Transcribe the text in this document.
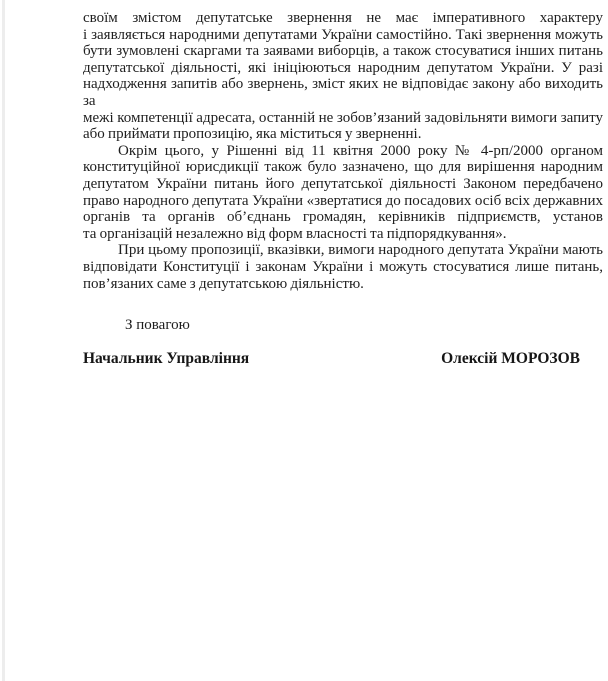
своїм змістом депутатське звернення не має імперативного характеру
і заявляється народними депутатами України самостійно. Такі звернення можуть
бути зумовлені скаргами та заявами виборців, а також стосуватися інших питань
депутатської діяльності, які ініціюються народним депутатом України. У разі
надходження запитів або звернень, зміст яких не відповідає закону або виходить за
межі компетенції адресата, останній не зобов’язаний задовільняти вимоги запиту
або приймати пропозицію, яка міститься у зверненні.
Окрім цього, у Рішенні від 11 квітня 2000 року № 4-рп/2000 органом
конституційної юрисдикції також було зазначено, що для вирішення народним
депутатом України питань його депутатської діяльності Законом передбачено
право народного депутата України «звертатися до посадових осіб всіх державних
органів та органів об’єднань громадян, керівників підприємств, установ
та організацій незалежно від форм власності та підпорядкування».
При цьому пропозиції, вказівки, вимоги народного депутата України мають
відповідати Конституції і законам України і можуть стосуватися лише питань,
пов’язаних саме з депутатською діяльністю.
З повагою
Начальник Управління	Олексій МОРОЗОВ
